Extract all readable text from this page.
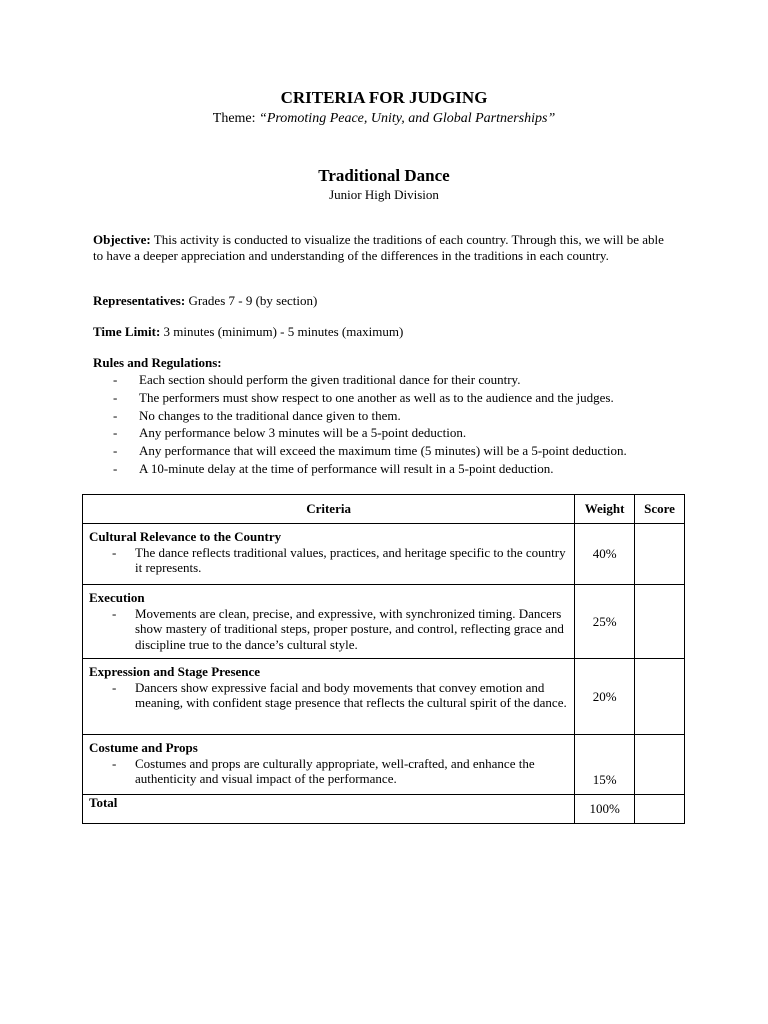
CRITERIA FOR JUDGING
Theme: “Promoting Peace, Unity, and Global Partnerships”
Traditional Dance
Junior High Division
Objective: This activity is conducted to visualize the traditions of each country. Through this, we will be able to have a deeper appreciation and understanding of the differences in the traditions in each country.
Representatives: Grades 7 - 9 (by section)
Time Limit: 3 minutes (minimum) - 5 minutes (maximum)
Rules and Regulations:
- Each section should perform the given traditional dance for their country.
- The performers must show respect to one another as well as to the audience and the judges.
- No changes to the traditional dance given to them.
- Any performance below 3 minutes will be a 5-point deduction.
- Any performance that will exceed the maximum time (5 minutes) will be a 5-point deduction.
- A 10-minute delay at the time of performance will result in a 5-point deduction.
Criteria	Weight	Score

Cultural Relevance to the Country
- The dance reflects traditional values, practices, and heritage specific to the country it represents.	40%	

Execution
- Movements are clean, precise, and expressive, with synchronized timing. Dancers show mastery of traditional steps, proper posture, and control, reflecting grace and discipline true to the dance’s cultural style.	25%	

Expression and Stage Presence
- Dancers show expressive facial and body movements that convey emotion and meaning, with confident stage presence that reflects the cultural spirit of the dance.	20%	

Costume and Props
- Costumes and props are culturally appropriate, well-crafted, and enhance the authenticity and visual impact of the performance.	15%	

Total	100%	
